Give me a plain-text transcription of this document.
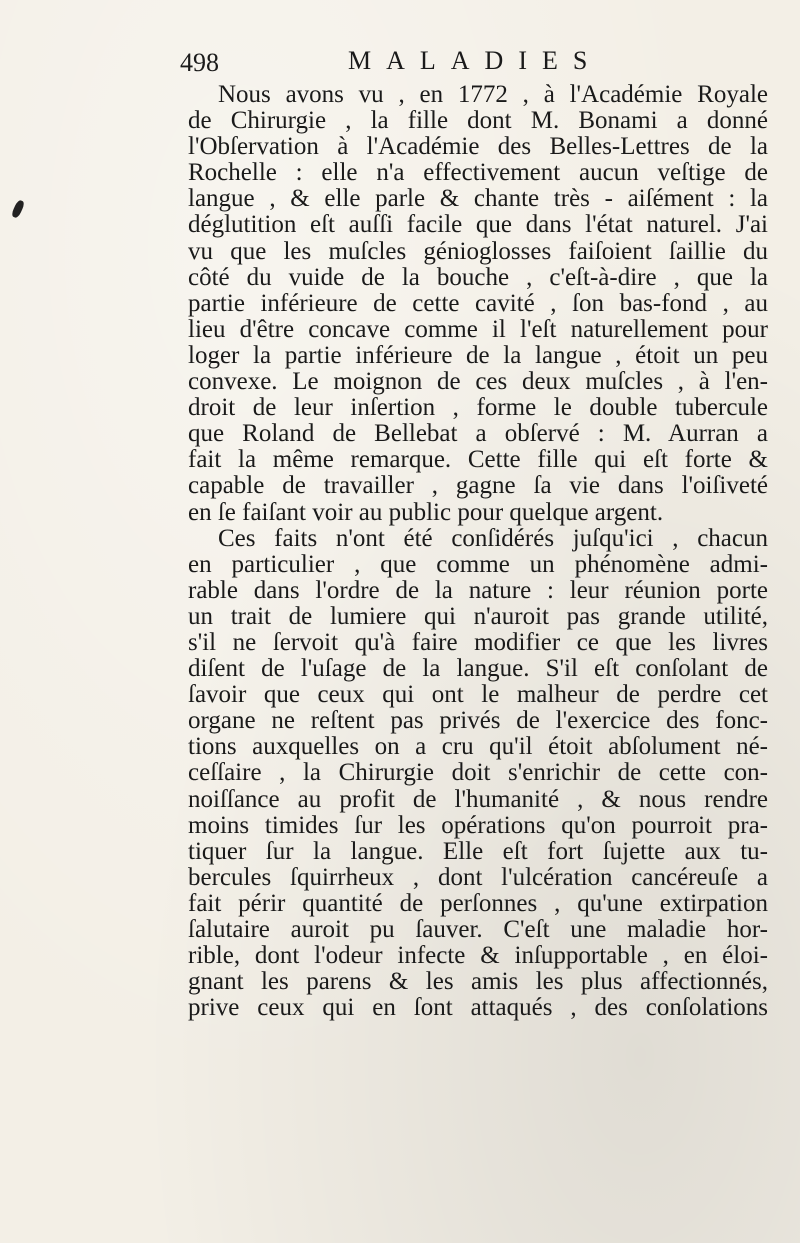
498	MALADIES
Nous avons vu , en 1772 , à l'Académie Royale
de Chirurgie , la fille dont M. Bonami a donné
l'Obſervation à l'Académie des Belles-Lettres de la
Rochelle : elle n'a effectivement aucun veſtige de
langue , & elle parle & chante très - aiſément : la
déglutition eſt auſſi facile que dans l'état naturel. J'ai
vu que les muſcles génioglosses faiſoient ſaillie du
côté du vuide de la bouche , c'eſt-à-dire , que la
partie inférieure de cette cavité , ſon bas-fond , au
lieu d'être concave comme il l'eſt naturellement pour
loger la partie inférieure de la langue , étoit un peu
convexe. Le moignon de ces deux muſcles , à l'en-
droit de leur inſertion , forme le double tubercule
que Roland de Bellebat a obſervé : M. Aurran a
fait la même remarque. Cette fille qui eſt forte &
capable de travailler , gagne ſa vie dans l'oiſiveté
en ſe faiſant voir au public pour quelque argent.
Ces faits n'ont été conſidérés juſqu'ici , chacun
en particulier , que comme un phénomène admi-
rable dans l'ordre de la nature : leur réunion porte
un trait de lumiere qui n'auroit pas grande utilité,
s'il ne ſervoit qu'à faire modifier ce que les livres
diſent de l'uſage de la langue. S'il eſt conſolant de
ſavoir que ceux qui ont le malheur de perdre cet
organe ne reſtent pas privés de l'exercice des fonc-
tions auxquelles on a cru qu'il étoit abſolument né-
ceſſaire , la Chirurgie doit s'enrichir de cette con-
noiſſance au profit de l'humanité , & nous rendre
moins timides ſur les opérations qu'on pourroit pra-
tiquer ſur la langue. Elle eſt fort ſujette aux tu-
bercules ſquirrheux , dont l'ulcération cancéreuſe a
fait périr quantité de perſonnes , qu'une extirpation
ſalutaire auroit pu ſauver. C'eſt une maladie hor-
rible, dont l'odeur infecte & inſupportable , en éloi-
gnant les parens & les amis les plus affectionnés,
prive ceux qui en ſont attaqués , des conſolations
